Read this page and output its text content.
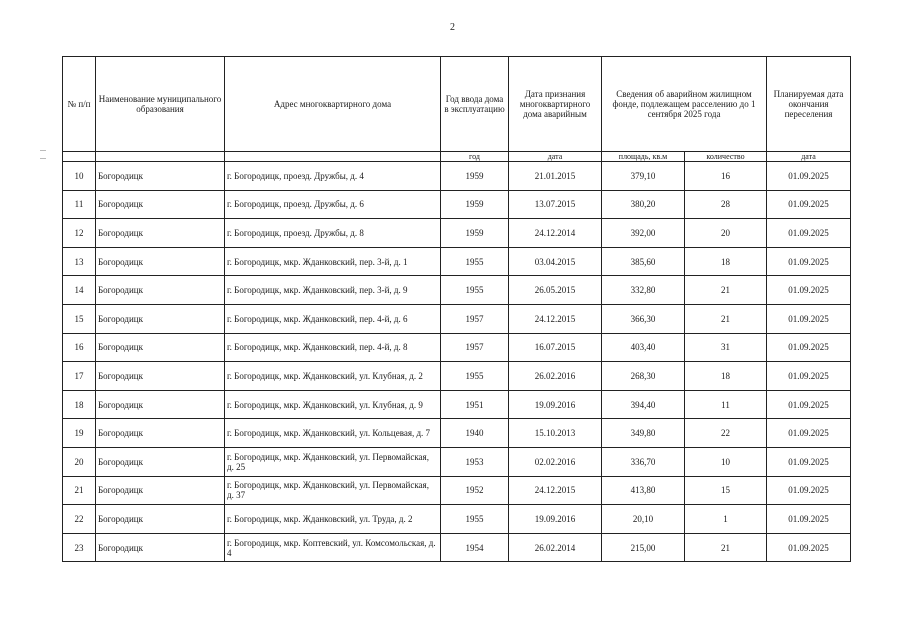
2
№ п/п	Наименование муниципального образования	Адрес многоквартирного дома	Год ввода дома в эксплуатацию	Дата признания многоквартирного дома аварийным	Сведения об аварийном жилищном фонде, подлежащем расселению до 1 сентября 2025 года		Планируемая дата окончания переселения
			год	дата	площадь, кв.м	количество	дата
10	Богородицк	г. Богородицк, проезд. Дружбы, д. 4	1959	21.01.2015	379,10	16	01.09.2025
11	Богородицк	г. Богородицк, проезд. Дружбы, д. 6	1959	13.07.2015	380,20	28	01.09.2025
12	Богородицк	г. Богородицк, проезд. Дружбы, д. 8	1959	24.12.2014	392,00	20	01.09.2025
13	Богородицк	г. Богородицк, мкр. Жданковский, пер. 3-й, д. 1	1955	03.04.2015	385,60	18	01.09.2025
14	Богородицк	г. Богородицк, мкр. Жданковский, пер. 3-й, д. 9	1955	26.05.2015	332,80	21	01.09.2025
15	Богородицк	г. Богородицк, мкр. Жданковский, пер. 4-й, д. 6	1957	24.12.2015	366,30	21	01.09.2025
16	Богородицк	г. Богородицк, мкр. Жданковский, пер. 4-й, д. 8	1957	16.07.2015	403,40	31	01.09.2025
17	Богородицк	г. Богородицк, мкр. Жданковский, ул. Клубная, д. 2	1955	26.02.2016	268,30	18	01.09.2025
18	Богородицк	г. Богородицк, мкр. Жданковский, ул. Клубная, д. 9	1951	19.09.2016	394,40	11	01.09.2025
19	Богородицк	г. Богородицк, мкр. Жданковский, ул. Кольцевая, д. 7	1940	15.10.2013	349,80	22	01.09.2025
20	Богородицк	г. Богородицк, мкр. Жданковский, ул. Первомайская, д. 25	1953	02.02.2016	336,70	10	01.09.2025
21	Богородицк	г. Богородицк, мкр. Жданковский, ул. Первомайская, д. 37	1952	24.12.2015	413,80	15	01.09.2025
22	Богородицк	г. Богородицк, мкр. Жданковский, ул. Труда, д. 2	1955	19.09.2016	20,10	1	01.09.2025
23	Богородицк	г. Богородицк, мкр. Коптевский, ул. Комсомольская, д. 4	1954	26.02.2014	215,00	21	01.09.2025
